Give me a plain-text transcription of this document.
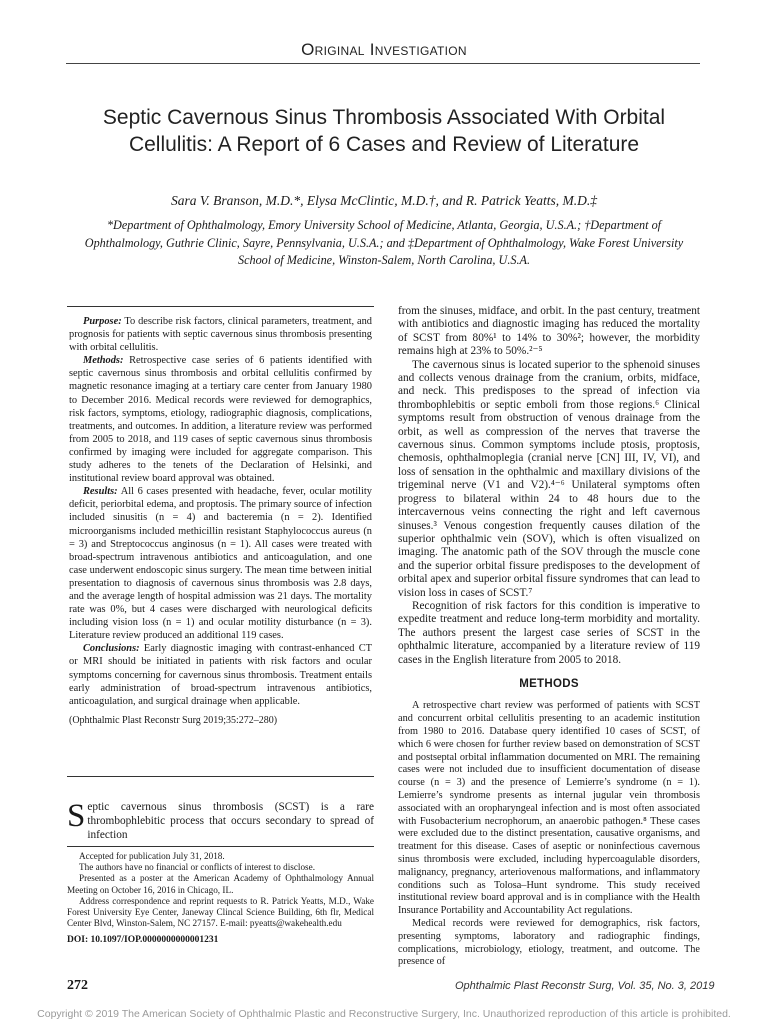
Original Investigation
Septic Cavernous Sinus Thrombosis Associated With Orbital Cellulitis: A Report of 6 Cases and Review of Literature
Sara V. Branson, M.D.*, Elysa McClintic, M.D.†, and R. Patrick Yeatts, M.D.‡
*Department of Ophthalmology, Emory University School of Medicine, Atlanta, Georgia, U.S.A.; †Department of Ophthalmology, Guthrie Clinic, Sayre, Pennsylvania, U.S.A.; and ‡Department of Ophthalmology, Wake Forest University School of Medicine, Winston-Salem, North Carolina, U.S.A.

Purpose: To describe risk factors, clinical parameters, treatment, and prognosis for patients with septic cavernous sinus thrombosis presenting with orbital cellulitis.

Methods: Retrospective case series of 6 patients identified with septic cavernous sinus thrombosis and orbital cellulitis confirmed by magnetic resonance imaging at a tertiary care center from January 1980 to December 2016. Medical records were reviewed for demographics, risk factors, symptoms, etiology, radiographic diagnosis, complications, treatments, and outcomes. In addition, a literature review was performed from 2005 to 2018, and 119 cases of septic cavernous sinus thrombosis confirmed by imaging were included for aggregate comparison. This study adheres to the tenets of the Declaration of Helsinki, and institutional review board approval was obtained.

Results: All 6 cases presented with headache, fever, ocular motility deficit, periorbital edema, and proptosis. The primary source of infection included sinusitis (n = 4) and bacteremia (n = 2). Identified microorganisms included methicillin resistant Staphylococcus aureus (n = 3) and Streptococcus anginosus (n = 1). All cases were treated with broad-spectrum intravenous antibiotics and anticoagulation, and one case underwent endoscopic sinus surgery. The mean time between initial presentation to diagnosis of cavernous sinus thrombosis was 2.8 days, and the average length of hospital admission was 21 days. The mortality rate was 0%, but 4 cases were discharged with neurological deficits including vision loss (n = 1) and ocular motility disturbance (n = 3). Literature review produced an additional 119 cases.

Conclusions: Early diagnostic imaging with contrast-enhanced CT or MRI should be initiated in patients with risk factors and ocular symptoms concerning for cavernous sinus thrombosis. Treatment entails early administration of broad-spectrum intravenous antibiotics, anticoagulation, and surgical drainage when applicable.

(Ophthalmic Plast Reconstr Surg 2019;35:272–280)

Septic cavernous sinus thrombosis (SCST) is a rare thrombophlebitic process that occurs secondary to spread of infection

Accepted for publication July 31, 2018.

The authors have no financial or conflicts of interest to disclose.

Presented as a poster at the American Academy of Ophthalmology Annual Meeting on October 16, 2016 in Chicago, IL.

Address correspondence and reprint requests to R. Patrick Yeatts, M.D., Wake Forest University Eye Center, Janeway Clincal Science Building, 6th flr, Medical Center Blvd, Winston-Salem, NC 27157. E-mail: pyeatts@wakehealth.edu

DOI: 10.1097/IOP.0000000000001231

from the sinuses, midface, and orbit. In the past century, treatment with antibiotics and diagnostic imaging has reduced the mortality of SCST from 80%¹ to 14% to 30%²; however, the morbidity remains high at 23% to 50%.²⁻⁵

The cavernous sinus is located superior to the sphenoid sinuses and collects venous drainage from the cranium, orbits, midface, and neck. This predisposes to the spread of infection via thrombophlebitis or septic emboli from those regions.⁶ Clinical symptoms result from obstruction of venous drainage from the orbit, as well as compression of the nerves that traverse the cavernous sinus. Common symptoms include ptosis, proptosis, chemosis, ophthalmoplegia (cranial nerve [CN] III, IV, VI), and loss of sensation in the ophthalmic and maxillary divisions of the trigeminal nerve (V1 and V2).⁴⁻⁶ Unilateral symptoms often progress to bilateral within 24 to 48 hours due to the intercavernous veins connecting the right and left cavernous sinuses.³ Venous congestion frequently causes dilation of the superior ophthalmic vein (SOV), which is often visualized on imaging. The anatomic path of the SOV through the muscle cone and the superior orbital fissure predisposes to the development of orbital apex and superior orbital fissure syndromes that can lead to vision loss in cases of SCST.⁷

Recognition of risk factors for this condition is imperative to expedite treatment and reduce long-term morbidity and mortality. The authors present the largest case series of SCST in the ophthalmic literature, accompanied by a literature review of 119 cases in the English literature from 2005 to 2018.

METHODS

A retrospective chart review was performed of patients with SCST and concurrent orbital cellulitis presenting to an academic institution from 1980 to 2016. Database query identified 10 cases of SCST, of which 6 were chosen for further review based on demonstration of SCST and postseptal orbital inflammation documented on MRI. The remaining cases were not included due to insufficient documentation of disease course (n = 3) and the presence of Lemierre’s syndrome (n = 1). Lemierre’s syndrome presents as internal jugular vein thrombosis associated with an oropharyngeal infection and is most often associated with Fusobacterium necrophorum, an anaerobic pathogen.⁸ These cases were excluded due to the distinct presentation, causative organisms, and treatment for this disease. Cases of aseptic or noninfectious cavernous sinus thrombosis were excluded, including hypercoagulable disorders, malignancy, pregnancy, arteriovenous malformations, and inflammatory conditions such as Tolosa–Hunt syndrome. This study received institutional review board approval and is in compliance with the Health Insurance Portability and Accountability Act regulations.

Medical records were reviewed for demographics, risk factors, presenting symptoms, laboratory and radiographic findings, complications, microbiology, etiology, treatment, and outcome. The presence of

272	Ophthalmic Plast Reconstr Surg, Vol. 35, No. 3, 2019
Copyright © 2019 The American Society of Ophthalmic Plastic and Reconstructive Surgery, Inc. Unauthorized reproduction of this article is prohibited.
